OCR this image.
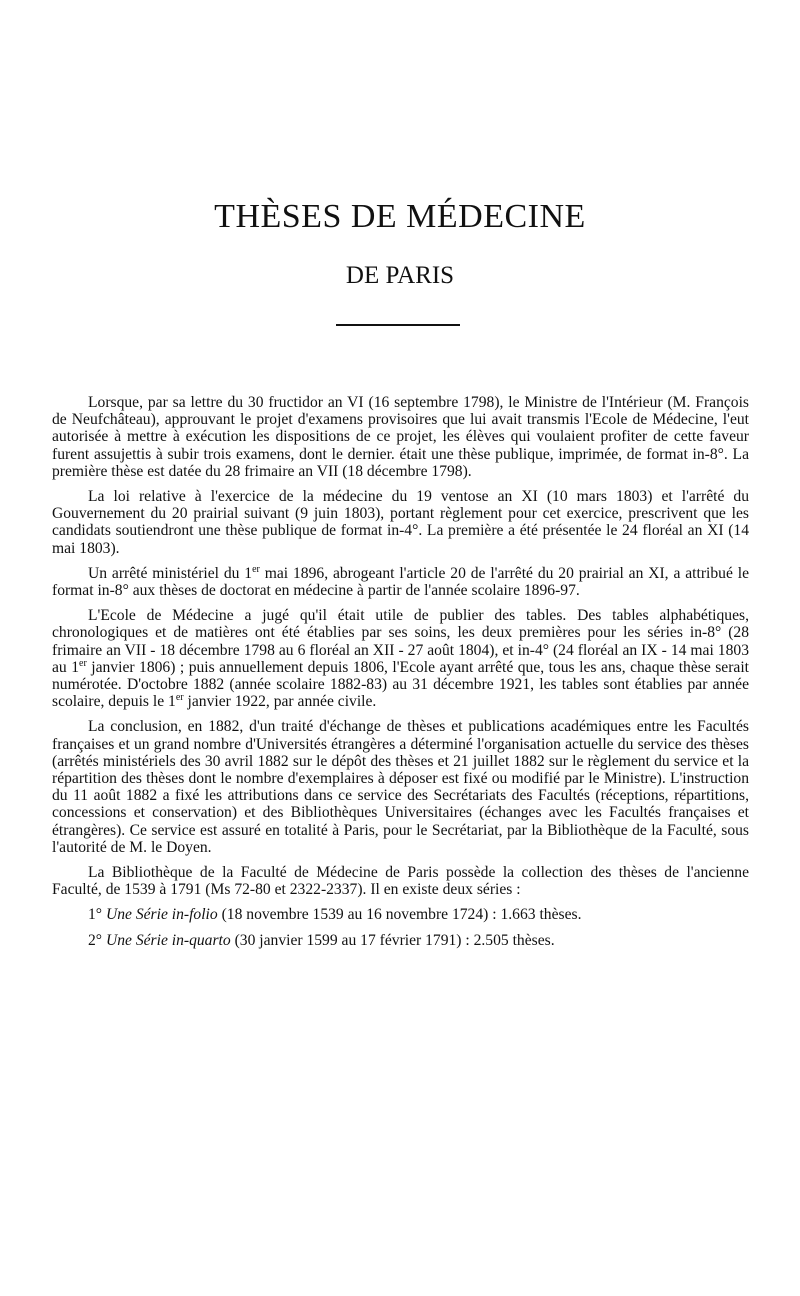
THÈSES DE MÉDECINE
DE PARIS

Lorsque, par sa lettre du 30 fructidor an VI (16 septembre 1798), le Ministre de l'Intérieur (M. François de Neufchâteau), approuvant le projet d'examens provisoires que lui avait transmis l'Ecole de Médecine, l'eut autorisée à mettre à exécution les dispositions de ce projet, les élèves qui voulaient profiter de cette faveur furent assujettis à subir trois examens, dont le dernier. était une thèse publique, imprimée, de format in-8°. La première thèse est datée du 28 frimaire an VII (18 décembre 1798).

La loi relative à l'exercice de la médecine du 19 ventose an XI (10 mars 1803) et l'arrêté du Gouvernement du 20 prairial suivant (9 juin 1803), portant règlement pour cet exercice, prescrivent que les candidats soutiendront une thèse publique de format in-4°. La première a été présentée le 24 floréal an XI (14 mai 1803).

Un arrêté ministériel du 1er mai 1896, abrogeant l'article 20 de l'arrêté du 20 prairial an XI, a attribué le format in-8° aux thèses de doctorat en médecine à partir de l'année scolaire 1896-97.

L'Ecole de Médecine a jugé qu'il était utile de publier des tables. Des tables alphabétiques, chronologiques et de matières ont été établies par ses soins, les deux premières pour les séries in-8° (28 frimaire an VII - 18 décembre 1798 au 6 floréal an XII - 27 août 1804), et in-4° (24 floréal an IX - 14 mai 1803 au 1er janvier 1806) ; puis annuellement depuis 1806, l'Ecole ayant arrêté que, tous les ans, chaque thèse serait numérotée. D'octobre 1882 (année scolaire 1882-83) au 31 décembre 1921, les tables sont établies par année scolaire, depuis le 1er janvier 1922, par année civile.

La conclusion, en 1882, d'un traité d'échange de thèses et publications académiques entre les Facultés françaises et un grand nombre d'Universités étrangères a déterminé l'organisation actuelle du service des thèses (arrêtés ministériels des 30 avril 1882 sur le dépôt des thèses et 21 juillet 1882 sur le règlement du service et la répartition des thèses dont le nombre d'exemplaires à déposer est fixé ou modifié par le Ministre). L'instruction du 11 août 1882 a fixé les attributions dans ce service des Secrétariats des Facultés (réceptions, répartitions, concessions et conservation) et des Bibliothèques Universitaires (échanges avec les Facultés françaises et étrangères). Ce service est assuré en totalité à Paris, pour le Secrétariat, par la Bibliothèque de la Faculté, sous l'autorité de M. le Doyen.

La Bibliothèque de la Faculté de Médecine de Paris possède la collection des thèses de l'ancienne Faculté, de 1539 à 1791 (Ms 72-80 et 2322-2337). Il en existe deux séries :

1° Une Série in-folio (18 novembre 1539 au 16 novembre 1724) : 1.663 thèses.

2° Une Série in-quarto (30 janvier 1599 au 17 février 1791) : 2.505 thèses.
